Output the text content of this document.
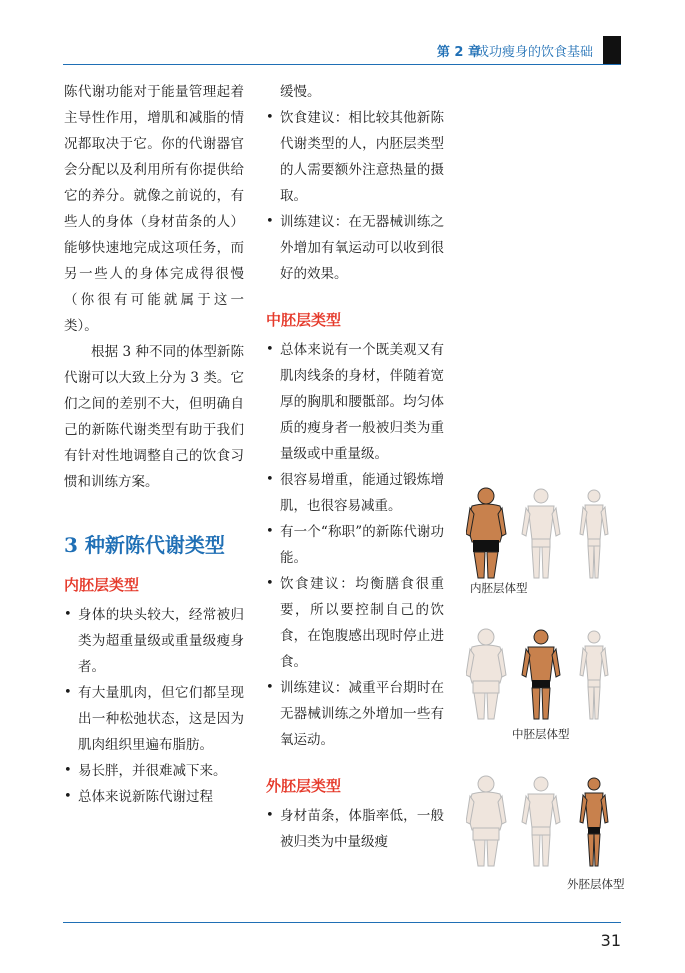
第 2 章
成功瘦身的饮食基础

陈代谢功能对于能量管理起着主导性作用，增肌和减脂的情况都取决于它。你的代谢器官会分配以及利用所有你提供给它的养分。就像之前说的，有些人的身体（身材苗条的人）能够快速地完成这项任务，而另一些人的身体完成得很慢（你很有可能就属于这一类）。

根据 3 种不同的体型新陈代谢可以大致上分为 3 类。它们之间的差别不大，但明确自己的新陈代谢类型有助于我们有针对性地调整自己的饮食习惯和训练方案。

3 种新陈代谢类型
内胚层类型
• 身体的块头较大，经常被归类为超重量级或重量级瘦身者。
• 有大量肌肉，但它们都呈现出一种松弛状态，这是因为肌肉组织里遍布脂肪。
• 易长胖，并很难减下来。
• 总体来说新陈代谢过程

缓慢。

• 饮食建议：相比较其他新陈代谢类型的人，内胚层类型的人需要额外注意热量的摄取。
• 训练建议：在无器械训练之外增加有氧运动可以收到很好的效果。
中胚层类型
• 总体来说有一个既美观又有肌肉线条的身材，伴随着宽厚的胸肌和腰骶部。均匀体质的瘦身者一般被归类为重量级或中重量级。
• 很容易增重，能通过锻炼增肌，也很容易减重。
• 有一个“称职”的新陈代谢功能。
• 饮食建议：均衡膳食很重要，所以要控制自己的饮食，在饱腹感出现时停止进食。
• 训练建议：减重平台期时在无器械训练之外增加一些有氧运动。
外胚层类型
• 身材苗条，体脂率低，一般被归类为中量级瘦
内胚层体型
中胚层体型
外胚层体型
31
